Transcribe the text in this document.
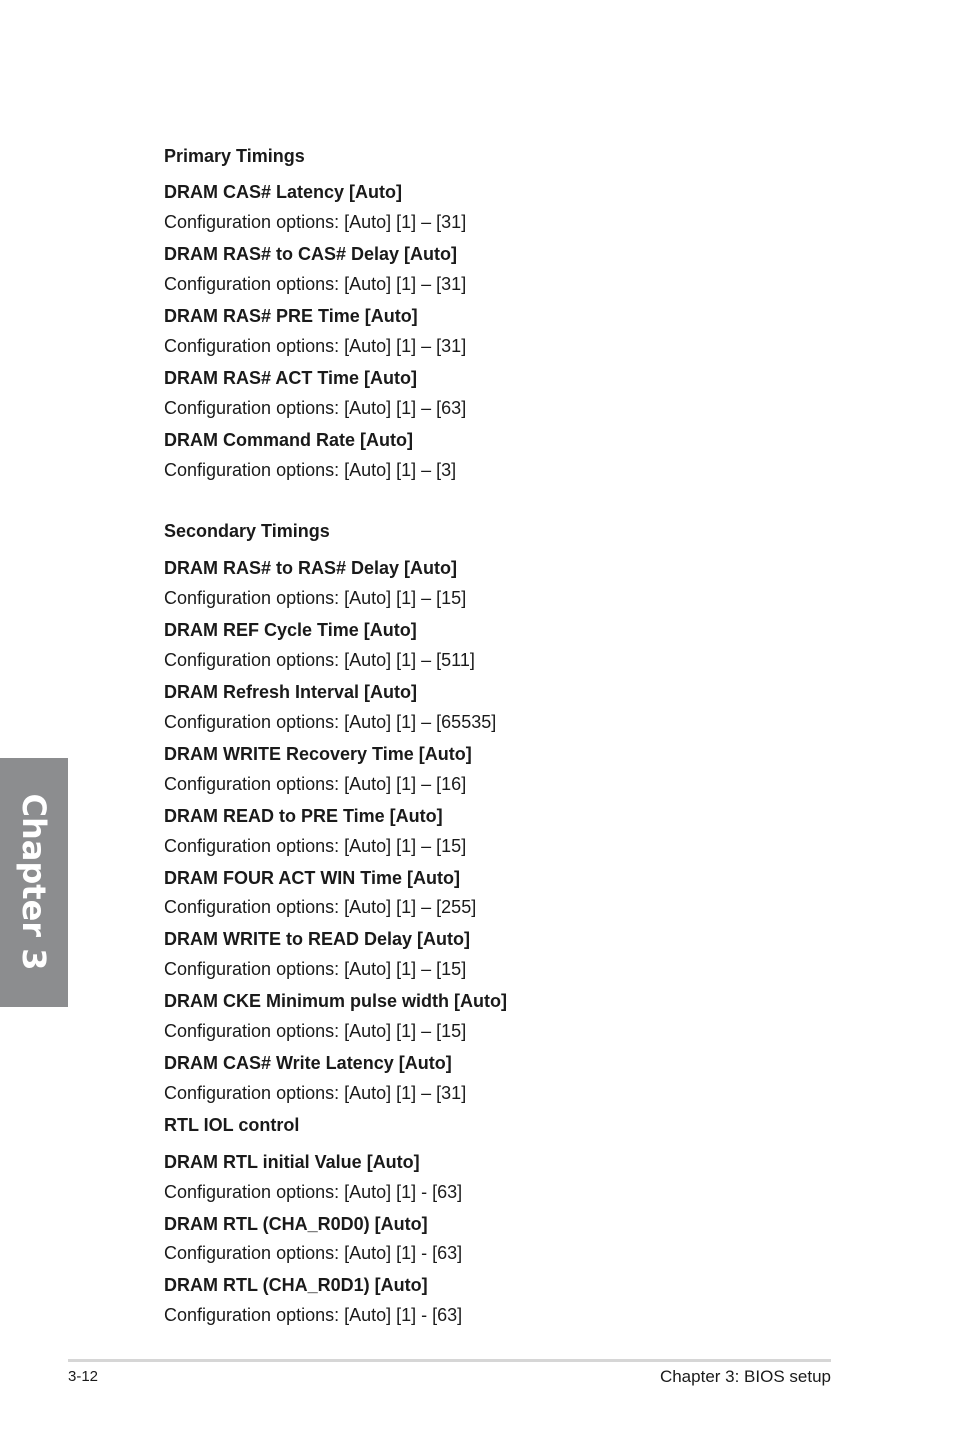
Primary Timings
DRAM CAS# Latency [Auto]
Configuration options: [Auto] [1] – [31]
DRAM RAS# to CAS# Delay [Auto]
Configuration options: [Auto] [1] – [31]
DRAM RAS# PRE Time [Auto]
Configuration options: [Auto] [1] – [31]
DRAM RAS# ACT Time [Auto]
Configuration options: [Auto] [1] – [63]
DRAM Command Rate [Auto]
Configuration options: [Auto] [1] – [3]
Secondary Timings
DRAM RAS# to RAS# Delay [Auto]
Configuration options: [Auto] [1] – [15]
DRAM REF Cycle Time [Auto]
Configuration options: [Auto] [1] – [511]
DRAM Refresh Interval [Auto]
Configuration options: [Auto] [1] – [65535]
DRAM WRITE Recovery Time [Auto]
Configuration options: [Auto] [1] – [16]
DRAM READ to PRE Time [Auto]
Configuration options: [Auto] [1] – [15]
DRAM FOUR ACT WIN Time [Auto]
Configuration options: [Auto] [1] – [255]
DRAM WRITE to READ Delay [Auto]
Configuration options: [Auto] [1] – [15]
DRAM CKE Minimum pulse width [Auto]
Configuration options: [Auto] [1] – [15]
DRAM CAS# Write Latency [Auto]
Configuration options: [Auto] [1] – [31]
RTL IOL control
DRAM RTL initial Value [Auto]
Configuration options: [Auto] [1] - [63]
DRAM RTL (CHA_R0D0) [Auto]
Configuration options: [Auto] [1] - [63]
DRAM RTL (CHA_R0D1) [Auto]
Configuration options: [Auto] [1] - [63]
Chapter 3
3-12	Chapter 3: BIOS setup
